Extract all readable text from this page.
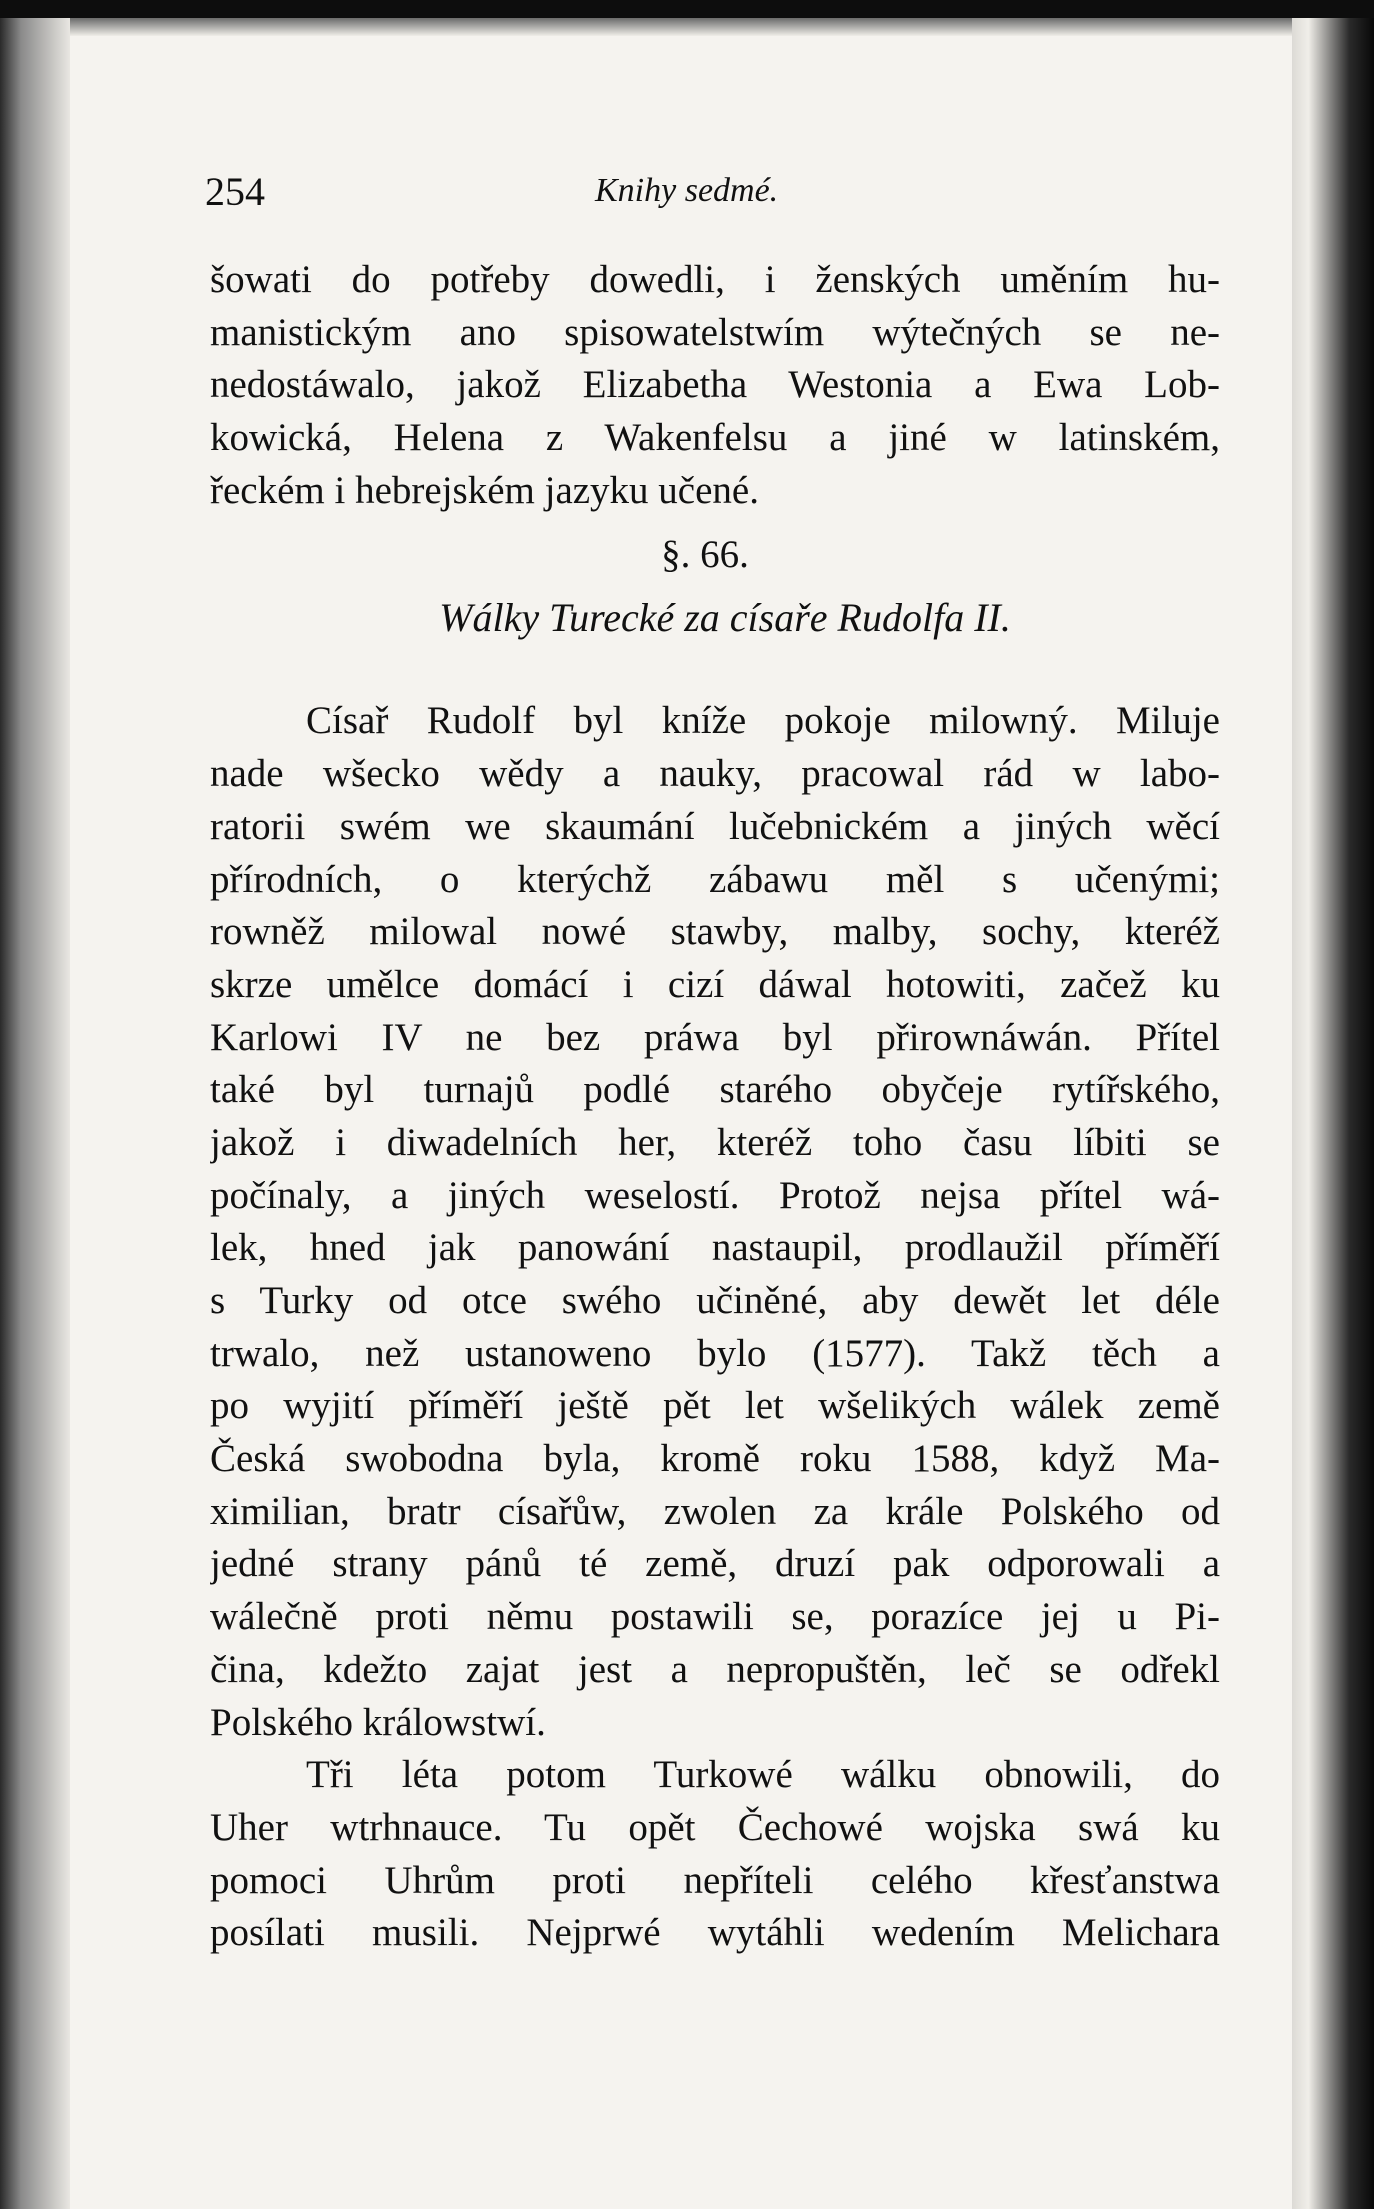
254	Knihy sedmé.
šowati do potřeby dowedli, i ženských uměním hu-
manistickým ano spisowatelstwím wýtečných se ne-
nedostáwalo, jakož Elizabetha Westonia a Ewa Lob-
kowická, Helena z Wakenfelsu a jiné w latinském,
řeckém i hebrejském jazyku učené.
§. 66.
Wálky Turecké za císaře Rudolfa II.
Císař Rudolf byl kníže pokoje milowný. Miluje
nade wšecko wědy a nauky, pracowal rád w labo-
ratorii swém we skaumání lučebnickém a jiných wěcí
přírodních, o kterýchž zábawu měl s učenými;
rowněž milowal nowé stawby, malby, sochy, kteréž
skrze umělce domácí i cizí dáwal hotowiti, začež ku
Karlowi IV ne bez práwa byl přirownáwán. Přítel
také byl turnajů podlé starého obyčeje rytířského,
jakož i diwadelních her, kteréž toho času líbiti se
počínaly, a jiných weselostí. Protož nejsa přítel wá-
lek, hned jak panowání nastaupil, prodlaužil příměří
s Turky od otce swého učiněné, aby dewět let déle
trwalo, než ustanoweno bylo (1577). Takž těch a
po wyjití příměří ještě pět let wšelikých wálek země
Česká swobodna byla, kromě roku 1588, když Ma-
ximilian, bratr císařůw, zwolen za krále Polského od
jedné strany pánů té země, druzí pak odporowali a
wálečně proti němu postawili se, porazíce jej u Pi-
čina, kdežto zajat jest a nepropuštěn, leč se odřekl
Polského králowstwí.
Tři léta potom Turkowé wálku obnowili, do
Uher wtrhnauce. Tu opět Čechowé wojska swá ku
pomoci Uhrům proti nepříteli celého křesťanstwa
posílati musili. Nejprwé wytáhli wedením Melichara
